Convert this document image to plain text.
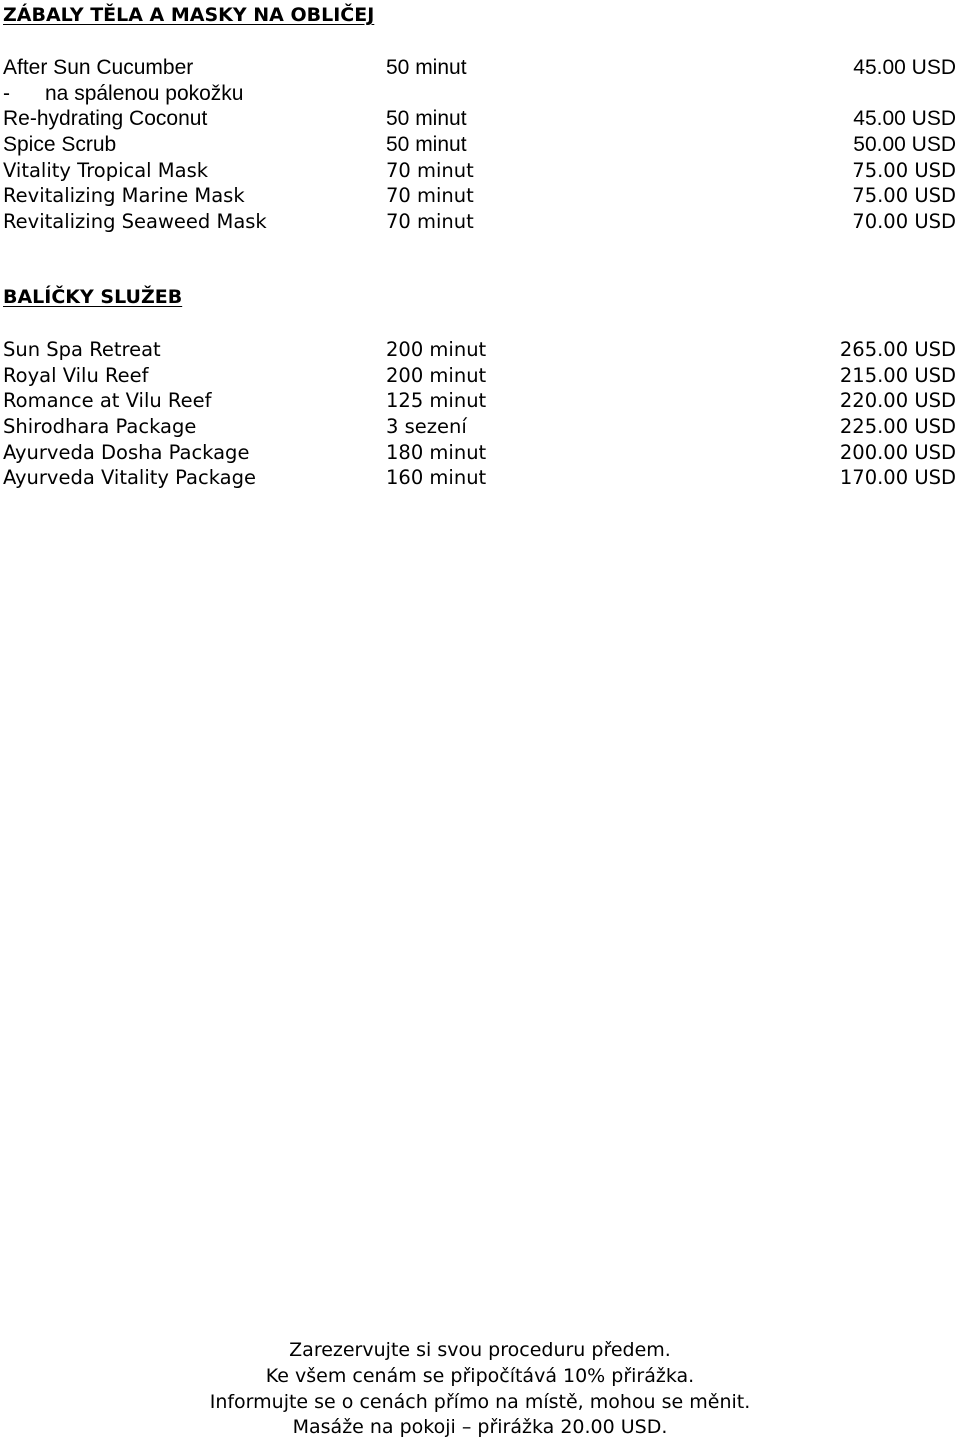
ZÁBALY TĚLA A MASKY NA OBLIČEJ
After Sun Cucumber	50 minut	45.00 USD
-      na spálenou pokožku
Re-hydrating Coconut	50 minut	45.00 USD
Spice Scrub	50 minut	50.00 USD
Vitality Tropical Mask	70 minut	75.00 USD
Revitalizing Marine Mask	70 minut	75.00 USD
Revitalizing Seaweed Mask	70 minut	70.00 USD
BALÍČKY SLUŽEB
Sun Spa Retreat	200 minut	265.00 USD
Royal Vilu Reef	200 minut	215.00 USD
Romance at Vilu Reef	125 minut	220.00 USD
Shirodhara Package	3 sezení	225.00 USD
Ayurveda Dosha Package	180 minut	200.00 USD
Ayurveda Vitality Package	160 minut	170.00 USD
Zarezervujte si svou proceduru předem.
Ke všem cenám se připočítává 10% přirážka.
Informujte se o cenách přímo na místě, mohou se měnit.
Masáže na pokoji – přirážka 20.00 USD.
